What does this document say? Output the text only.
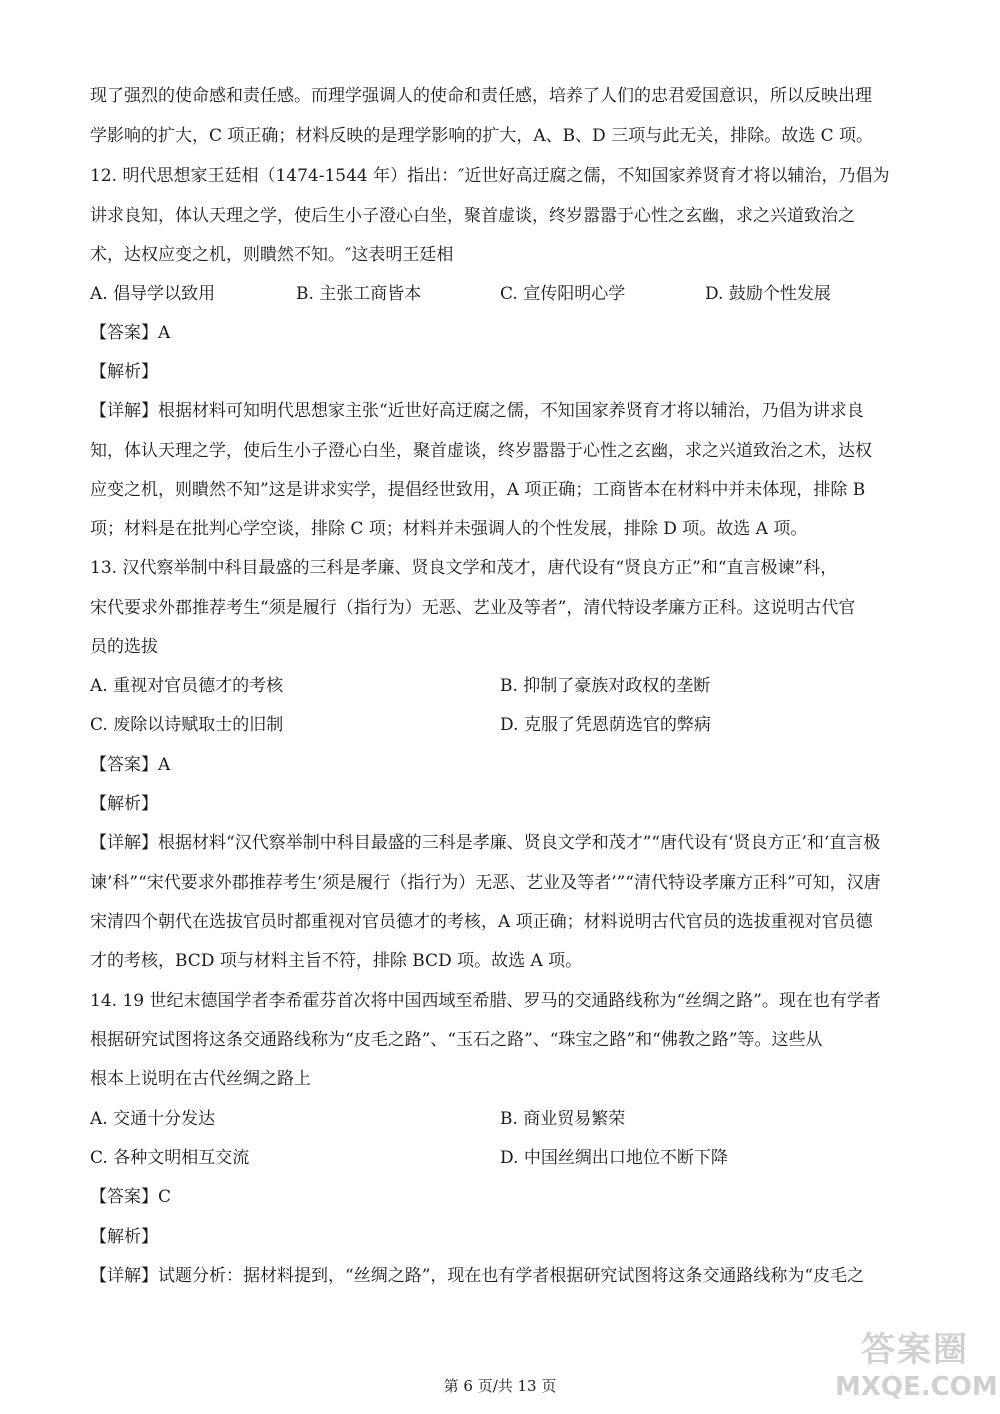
现了强烈的使命感和责任感。而理学强调人的使命和责任感，培养了人们的忠君爱国意识，所以反映出理
学影响的扩大，C 项正确；材料反映的是理学影响的扩大，A、B、D 三项与此无关，排除。故选 C 项。
12. 明代思想家王廷相（1474-1544 年）指出：″近世好高迂腐之儒，不知国家养贤育才将以辅治，乃倡为
讲求良知，体认天理之学，使后生小子澄心白坐，聚首虚谈，终岁嚣嚣于心性之玄幽，求之兴道致治之
术，达权应变之机，则瞶然不知。″这表明王廷相
A. 倡导学以致用	B. 主张工商皆本	C. 宣传阳明心学	D. 鼓励个性发展
【答案】A
【解析】
【详解】根据材料可知明代思想家主张“近世好高迂腐之儒，不知国家养贤育才将以辅治，乃倡为讲求良
知，体认天理之学，使后生小子澄心白坐，聚首虚谈，终岁嚣嚣于心性之玄幽，求之兴道致治之术，达权
应变之机，则瞶然不知”这是讲求实学，提倡经世致用，A 项正确；工商皆本在材料中并未体现，排除 B
项；材料是在批判心学空谈，排除 C 项；材料并未强调人的个性发展，排除 D 项。故选 A 项。
13. 汉代察举制中科目最盛的三科是孝廉、贤良文学和茂才，唐代设有“贤良方正”和“直言极谏”科，
宋代要求外郡推荐考生“须是履行（指行为）无恶、艺业及等者”，清代特设孝廉方正科。这说明古代官
员的选拔
A. 重视对官员德才的考核	B. 抑制了豪族对政权的垄断
C. 废除以诗赋取士的旧制	D. 克服了凭恩荫选官的弊病
【答案】A
【解析】
【详解】根据材料“汉代察举制中科目最盛的三科是孝廉、贤良文学和茂才”“唐代设有‘贤良方正’和‘直言极
谏’科”“宋代要求外郡推荐考生‘须是履行（指行为）无恶、艺业及等者’”“清代特设孝廉方正科”可知，汉唐
宋清四个朝代在选拔官员时都重视对官员德才的考核，A 项正确；材料说明古代官员的选拔重视对官员德
才的考核，BCD 项与材料主旨不符，排除 BCD 项。故选 A 项。
14. 19 世纪末德国学者李希霍芬首次将中国西域至希腊、罗马的交通路线称为“丝绸之路”。现在也有学者
根据研究试图将这条交通路线称为“皮毛之路”、“玉石之路”、“珠宝之路”和“佛教之路”等。这些从
根本上说明在古代丝绸之路上
A. 交通十分发达	B. 商业贸易繁荣
C. 各种文明相互交流	D. 中国丝绸出口地位不断下降
【答案】C
【解析】
【详解】试题分析：据材料提到，“丝绸之路”，现在也有学者根据研究试图将这条交通路线称为“皮毛之
第 6 页/共 13 页
答案圈
MXQE.COM
